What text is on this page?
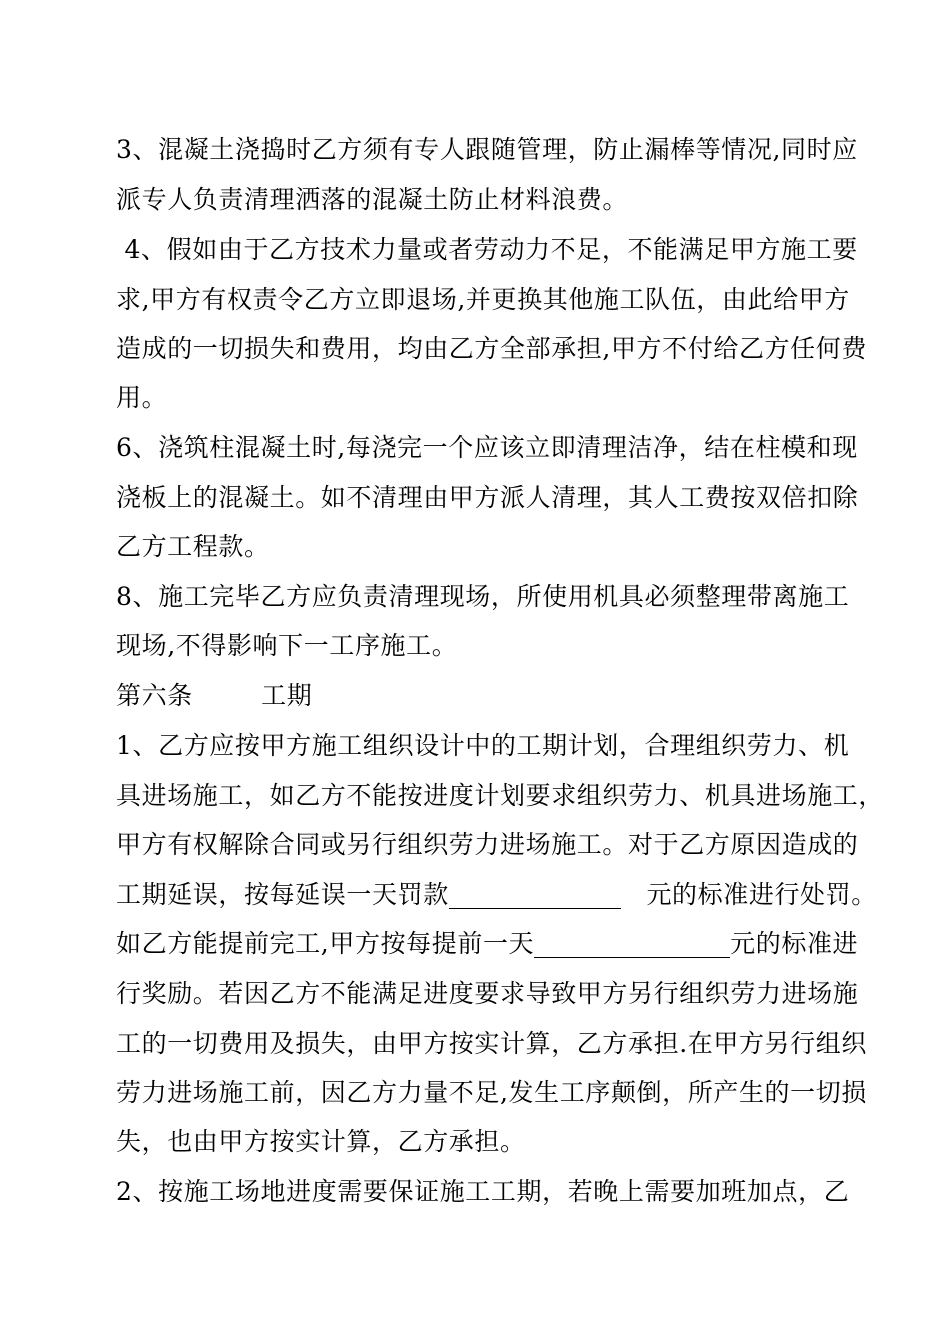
3、混凝土浇捣时乙方须有专人跟随管理，防止漏棒等情况,同时应
派专人负责清理洒落的混凝土防止材料浪费。
4、假如由于乙方技术力量或者劳动力不足，不能满足甲方施工要
求,甲方有权责令乙方立即退场,并更换其他施工队伍，由此给甲方
造成的一切损失和费用，均由乙方全部承担,甲方不付给乙方任何费
用。
6、浇筑柱混凝土时,每浇完一个应该立即清理洁净，结在柱模和现
浇板上的混凝土。如不清理由甲方派人清理，其人工费按双倍扣除
乙方工程款。
8、施工完毕乙方应负责清理现场，所使用机具必须整理带离施工
现场,不得影响下一工序施工。
第六条        工期
1、乙方应按甲方施工组织设计中的工期计划，合理组织劳力、机
具进场施工，如乙方不能按进度计划要求组织劳力、机具进场施工，
甲方有权解除合同或另行组织劳力进场施工。对于乙方原因造成的
工期延误，按每延误一天罚款	元的标准进行处罚。
如乙方能提前完工,甲方按每提前一天	元的标准进
行奖励。若因乙方不能满足进度要求导致甲方另行组织劳力进场施
工的一切费用及损失，由甲方按实计算，乙方承担.在甲方另行组织
劳力进场施工前，因乙方力量不足,发生工序颠倒，所产生的一切损
失，也由甲方按实计算，乙方承担。
2、按施工场地进度需要保证施工工期，若晚上需要加班加点，乙
